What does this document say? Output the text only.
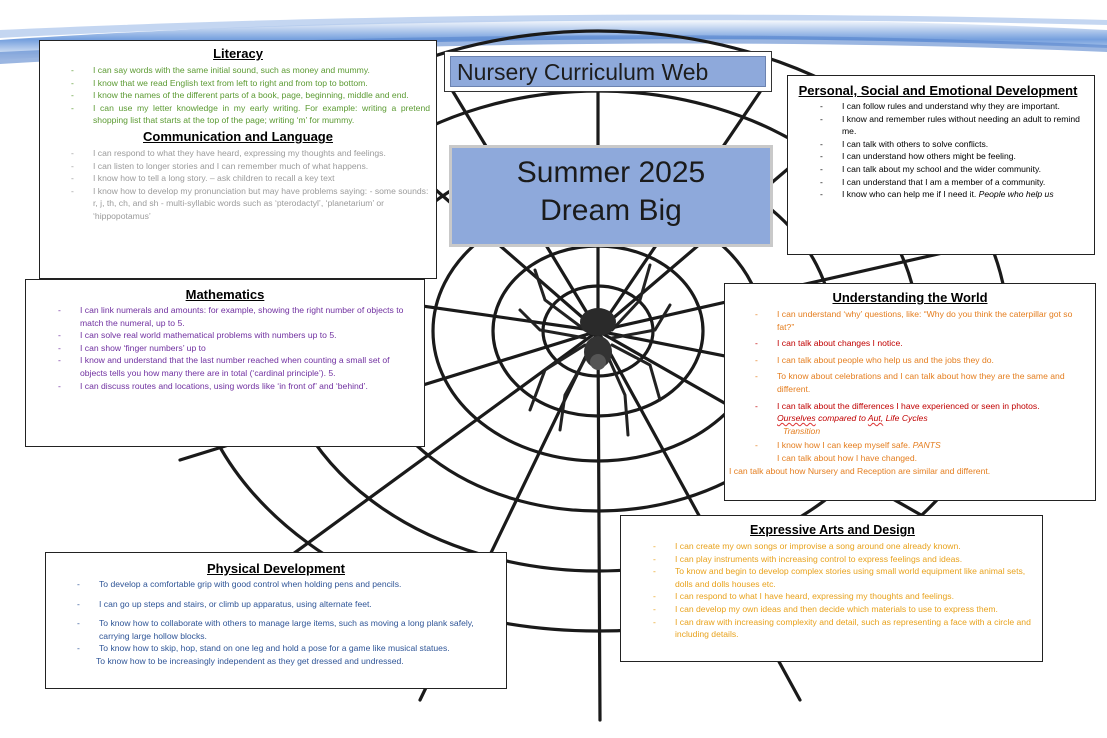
Nursery Curriculum Web
Summer 2025
Dream Big
Literacy
- I can say words with the same initial sound, such as money and mummy.
- I know that we read English text from left to right and from top to bottom.
- I know the names of the different parts of a book, page, beginning, middle and end.
- I can use my letter knowledge in my early writing. For example: writing a pretend shopping list that starts at the top of the page; writing ‘m’ for mummy.
Communication and Language
- I can respond to what they have heard, expressing my thoughts and feelings.
- I can listen to longer stories and I can remember much of what happens.
- I know how to tell a long story. – ask children to recall a key text
- I know how to develop my pronunciation but may have problems saying: - some sounds: r, j, th, ch, and sh - multi-syllabic words such as ‘pterodactyl’, ‘planetarium’ or ‘hippopotamus’
Mathematics
- I can link numerals and amounts: for example, showing the right number of objects to match the numeral, up to 5.
- I can solve real world mathematical problems with numbers up to 5.
- I can show ‘finger numbers’ up to
- I know and understand that the last number reached when counting a small set of objects tells you how many there are in total (‘cardinal principle’). 5.
- I can discuss routes and locations, using words like ‘in front of’ and ‘behind’.
Personal, Social and Emotional Development
- I can follow rules and understand why they are important.
- I know and remember rules without needing an adult to remind me.
- I can talk with others to solve conflicts.
- I can understand how others might be feeling.
- I can talk about my school and the wider community.
- I can understand that I am a member of a community.
- I know who can help me if I need it. People who help us
Understanding the World
- I can understand ‘why’ questions, like: “Why do you think the caterpillar got so fat?”
- I can talk about changes I notice.
- I can talk about people who help us and the jobs they do.
- To know about celebrations and I can talk about how they are the same and different.
- I can talk about the differences I have experienced or seen in photos.
Ourselves compared to Aut, Life Cycles
Transition
- I know how I can keep myself safe. PANTS
I can talk about how I have changed.
I can talk about how Nursery and Reception are similar and different.
Expressive Arts and Design
- I can create my own songs or improvise a song around one already known.
- I can play instruments with increasing control to express feelings and ideas.
- To know and begin to develop complex stories using small world equipment like animal sets, dolls and dolls houses etc.
- I can respond to what I have heard, expressing my thoughts and feelings.
- I can develop my own ideas and then decide which materials to use to express them.
- I can draw with increasing complexity and detail, such as representing a face with a circle and including details.
Physical Development
- To develop a comfortable grip with good control when holding pens and pencils.
- I can go up steps and stairs, or climb up apparatus, using alternate feet.
- To know how to collaborate with others to manage large items, such as moving a long plank safely, carrying large hollow blocks.
- To know how to skip, hop, stand on one leg and hold a pose for a game like musical statues.
To know how to be increasingly independent as they get dressed and undressed.
